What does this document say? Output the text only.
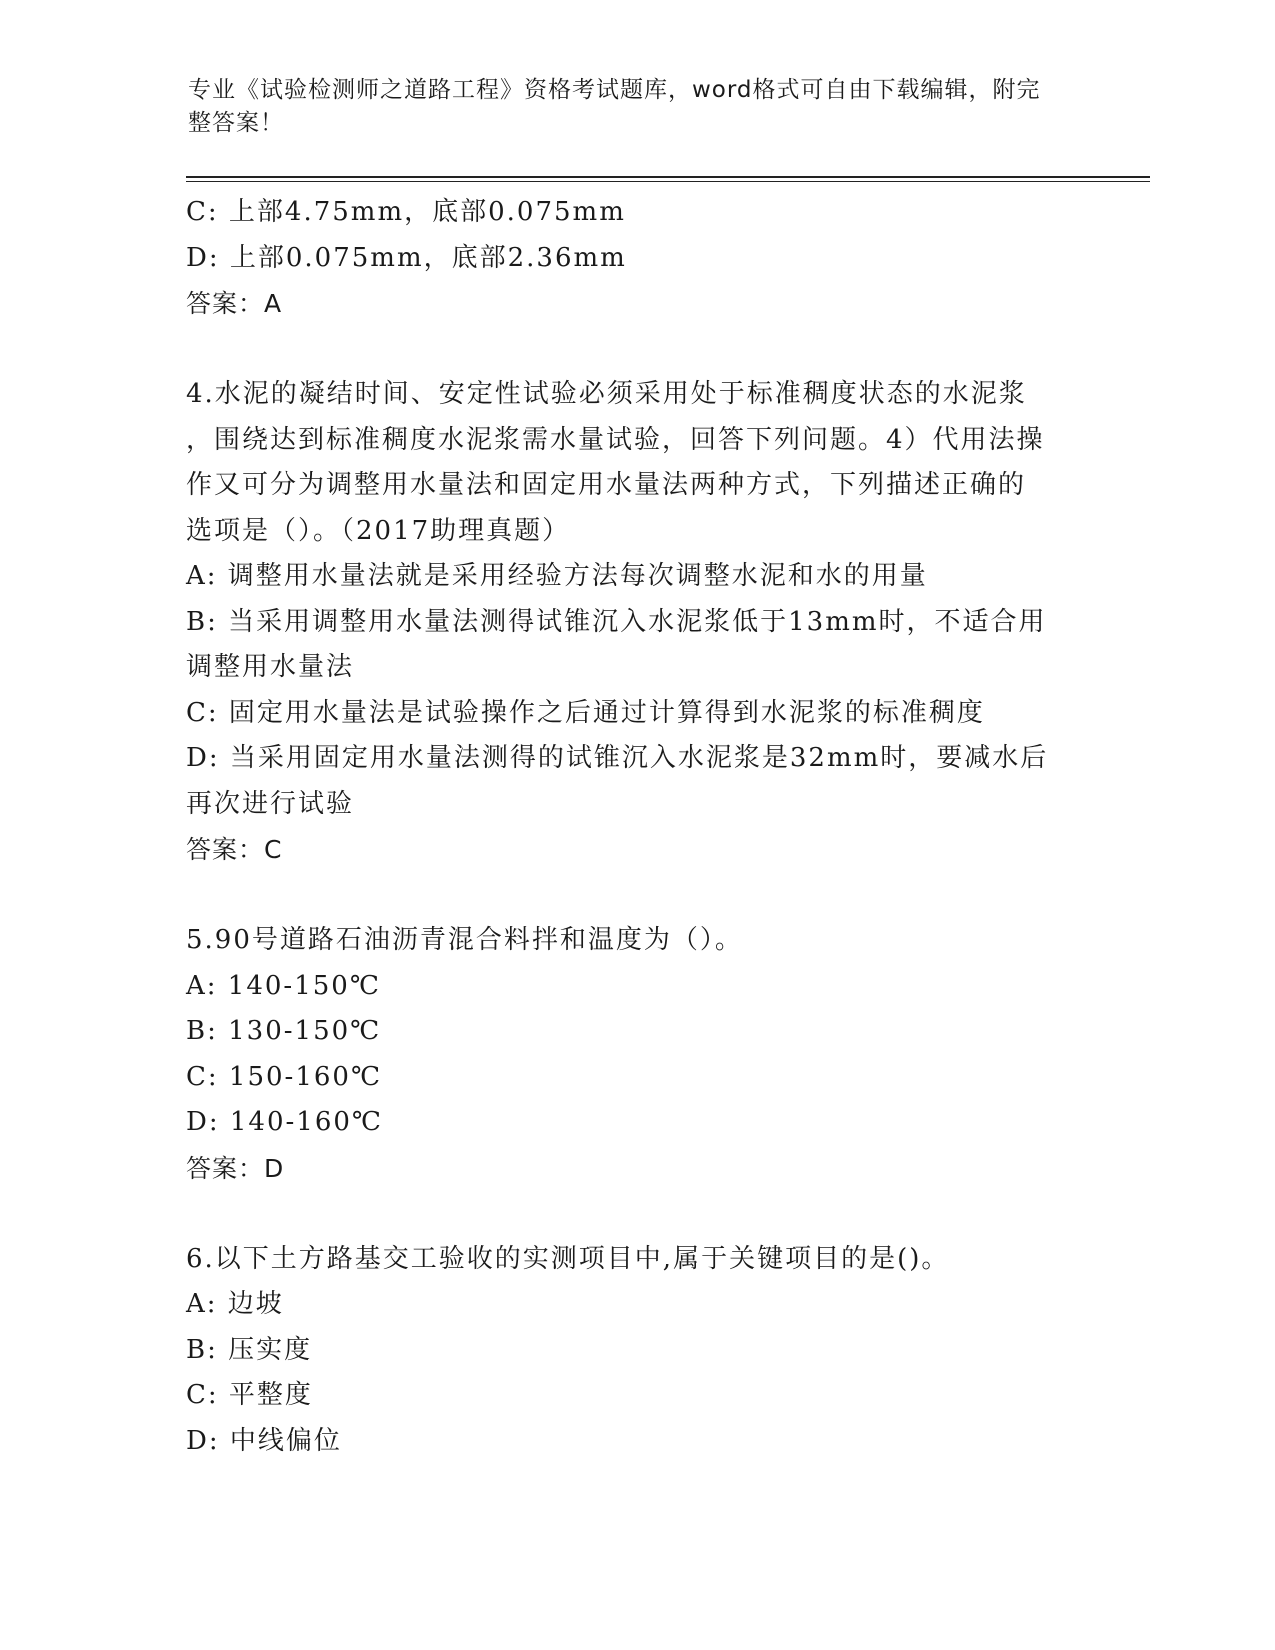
专业《试验检测师之道路工程》资格考试题库，word格式可自由下载编辑，附完
整答案！
C: 上部4.75mm，底部0.075mm
D: 上部0.075mm，底部2.36mm
答案：A
4.水泥的凝结时间、安定性试验必须采用处于标准稠度状态的水泥浆
，围绕达到标准稠度水泥浆需水量试验，回答下列问题。4）代用法操
作又可分为调整用水量法和固定用水量法两种方式，下列描述正确的
选项是（）。（2017助理真题）
A: 调整用水量法就是采用经验方法每次调整水泥和水的用量
B: 当采用调整用水量法测得试锥沉入水泥浆低于13mm时，不适合用
调整用水量法
C: 固定用水量法是试验操作之后通过计算得到水泥浆的标准稠度
D: 当采用固定用水量法测得的试锥沉入水泥浆是32mm时，要减水后
再次进行试验
答案：C
5.90号道路石油沥青混合料拌和温度为（）。
A: 140-150℃
B: 130-150℃
C: 150-160℃
D: 140-160℃
答案：D
6.以下土方路基交工验收的实测项目中,属于关键项目的是()。
A: 边坡
B: 压实度
C: 平整度
D: 中线偏位
